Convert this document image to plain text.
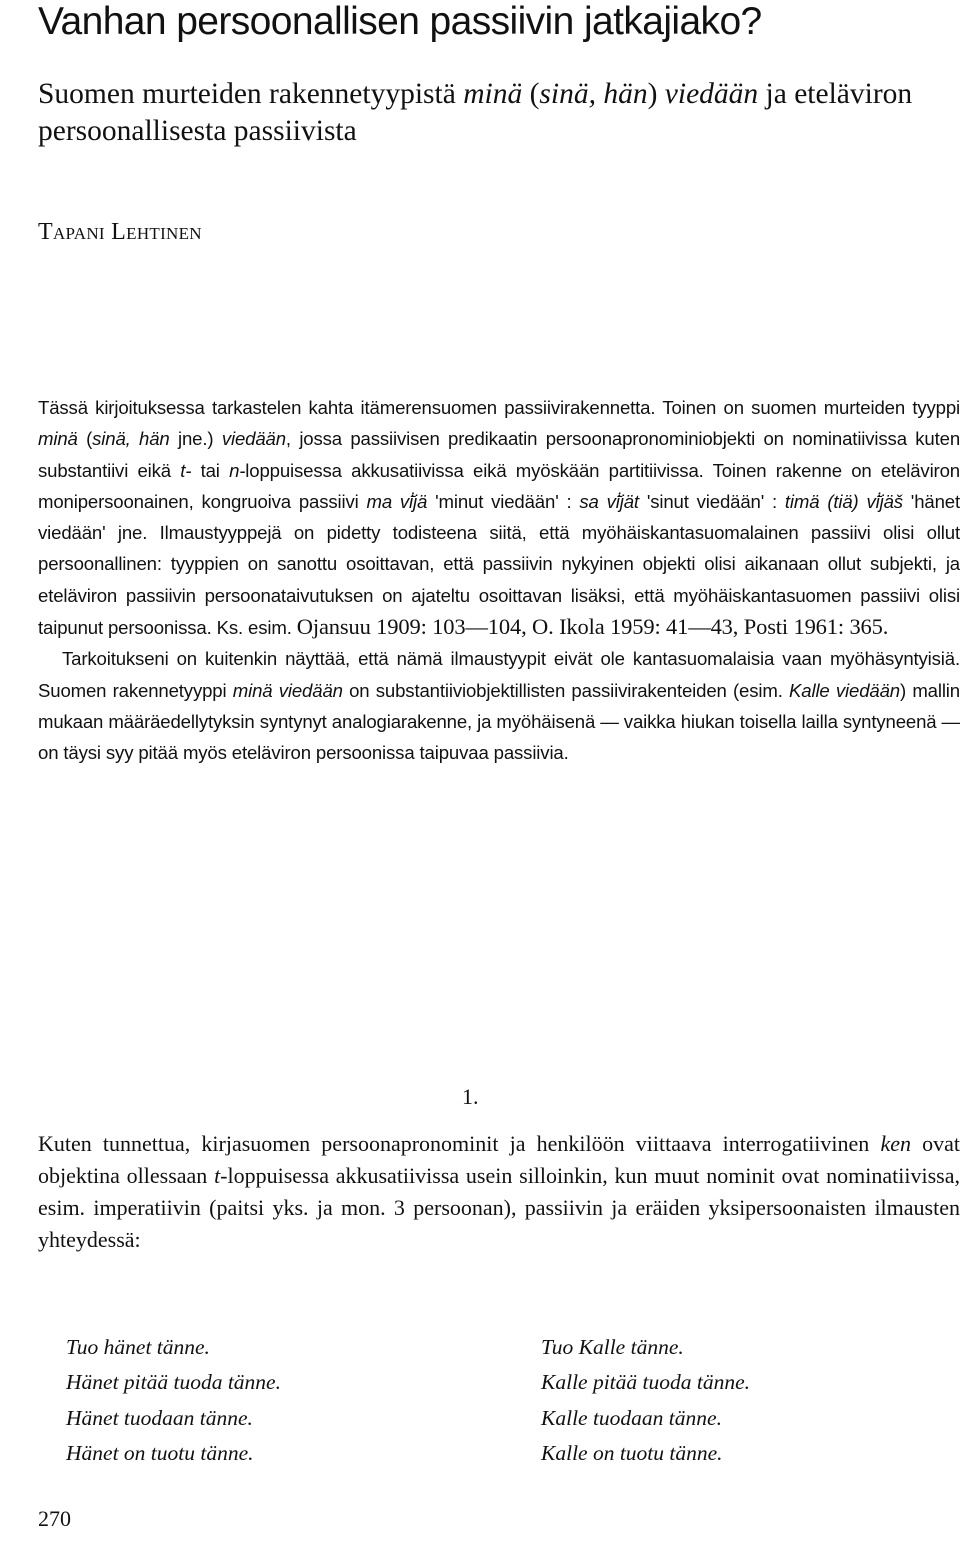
Vanhan persoonallisen passiivin jatkajiako?
Suomen murteiden rakennetyypistä minä (sinä, hän) viedään ja eteläviron persoonallisesta passiivista
TAPANI LEHTINEN

Tässä kirjoituksessa tarkastelen kahta itämerensuomen passiivirakennetta. Toinen on suomen murteiden tyyppi minä (sinä, hän jne.) viedään, jossa passiivisen predikaatin persoonapronominiobjekti on nominatiivissa kuten substantiivi eikä t- tai n-loppuisessa akkusatiivissa eikä myöskään partitiivissa. Toinen rakenne on eteläviron monipersoonainen, kongruoiva passiivi ma vi̇̄jä 'minut viedään' : sa vi̇̄jät 'sinut viedään' : timä (tiä) vi̇̄jäš 'hänet viedään' jne. Ilmaustyyppejä on pidetty todisteena siitä, että myöhäiskantasuomalainen passiivi olisi ollut persoonallinen: tyyppien on sanottu osoittavan, että passiivin nykyinen objekti olisi aikanaan ollut subjekti, ja eteläviron passiivin persoonataivutuksen on ajateltu osoittavan lisäksi, että myöhäiskantasuomen passiivi olisi taipunut persoonissa. Ks. esim. Ojansuu 1909: 103—104, O. Ikola 1959: 41—43, Posti 1961: 365.

Tarkoitukseni on kuitenkin näyttää, että nämä ilmaustyypit eivät ole kantasuomalaisia vaan myöhäsyntyisiä. Suomen rakennetyyppi minä viedään on substantiiviobjektillisten passiivirakenteiden (esim. Kalle viedään) mallin mukaan määräedellytyksin syntynyt analogiarakenne, ja myöhäisenä — vaikka hiukan toisella lailla syntyneenä — on täysi syy pitää myös eteläviron persoonissa taipuvaa passiivia.

1.

Kuten tunnettua, kirjasuomen persoonapronominit ja henkilöön viittaava interrogatiivinen ken ovat objektina ollessaan t-loppuisessa akkusatiivissa usein silloinkin, kun muut nominit ovat nominatiivissa, esim. imperatiivin (paitsi yks. ja mon. 3 persoonan), passiivin ja eräiden yksipersoonaisten ilmausten yhteydessä:

Tuo hänet tänne.
Hänet pitää tuoda tänne.
Hänet tuodaan tänne.
Hänet on tuotu tänne.
Tuo Kalle tänne.
Kalle pitää tuoda tänne.
Kalle tuodaan tänne.
Kalle on tuotu tänne.
270
